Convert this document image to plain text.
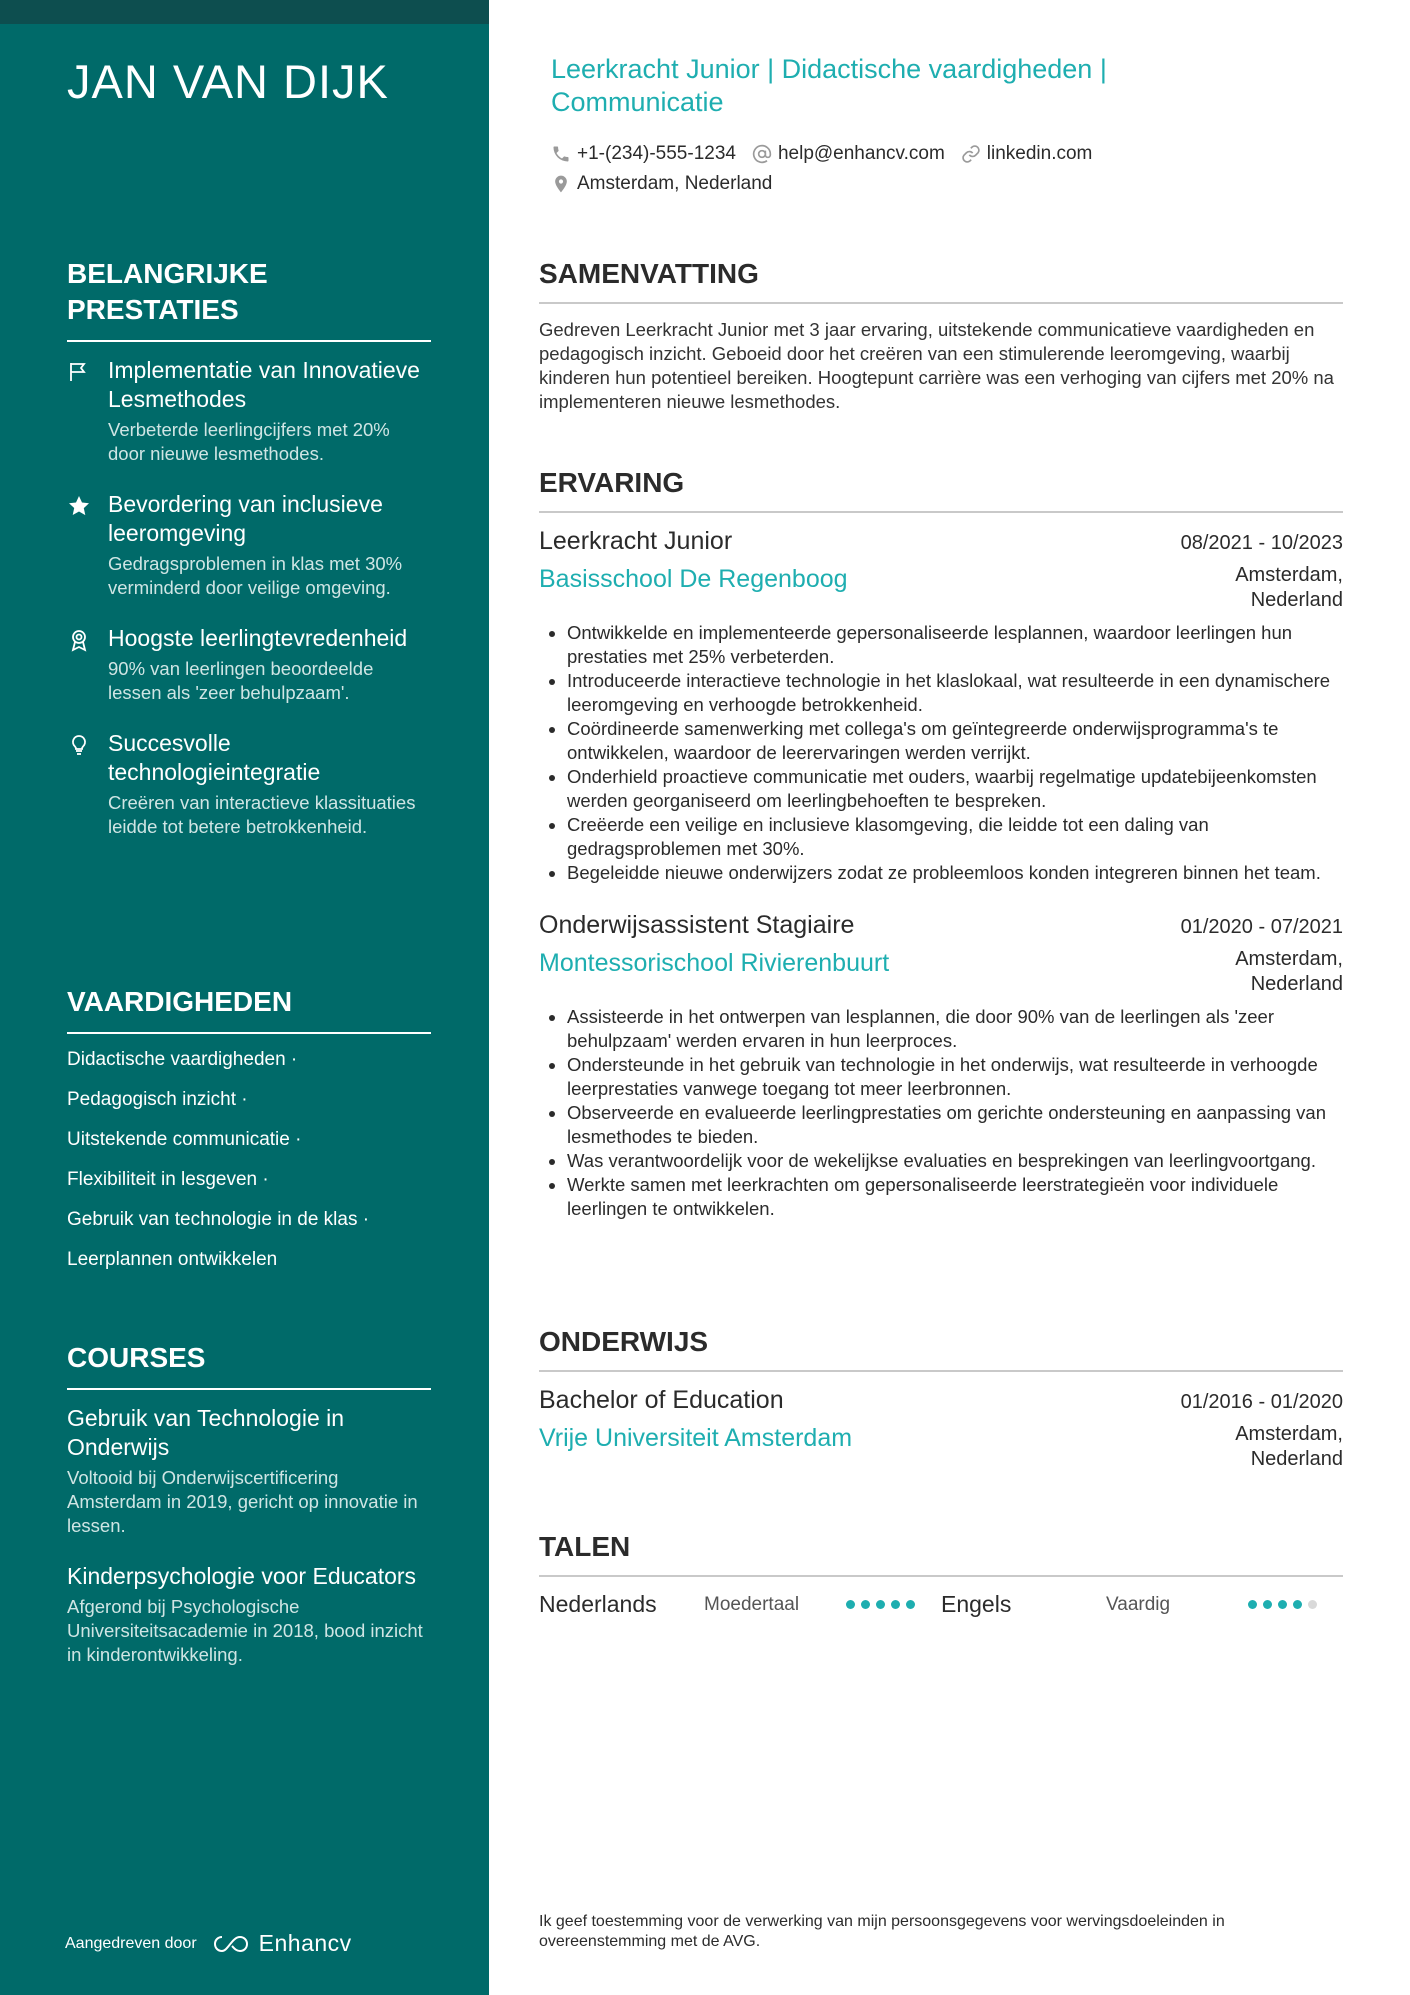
JAN VAN DIJK
BELANGRIJKE PRESTATIES
Implementatie van Innovatieve Lesmethodes
Verbeterde leerlingcijfers met 20% door nieuwe lesmethodes.
Bevordering van inclusieve leeromgeving
Gedragsproblemen in klas met 30% verminderd door veilige omgeving.
Hoogste leerlingtevredenheid
90% van leerlingen beoordeelde lessen als 'zeer behulpzaam'.
Succesvolle technologieintegratie
Creëren van interactieve klassituaties leidde tot betere betrokkenheid.
VAARDIGHEDEN
Didactische vaardigheden ·
Pedagogisch inzicht ·
Uitstekende communicatie ·
Flexibiliteit in lesgeven ·
Gebruik van technologie in de klas ·
Leerplannen ontwikkelen
COURSES
Gebruik van Technologie in Onderwijs
Voltooid bij Onderwijscertificering Amsterdam in 2019, gericht op innovatie in lessen.
Kinderpsychologie voor Educators
Afgerond bij Psychologische Universiteitsacademie in 2018, bood inzicht in kinderontwikkeling.
Aangedreven door	Enhancv
Leerkracht Junior | Didactische vaardigheden | Communicatie
+1-(234)-555-1234 help@enhancv.com linkedin.com
Amsterdam, Nederland
SAMENVATTING

Gedreven Leerkracht Junior met 3 jaar ervaring, uitstekende communicatieve vaardigheden en pedagogisch inzicht. Geboeid door het creëren van een stimulerende leeromgeving, waarbij kinderen hun potentieel bereiken. Hoogtepunt carrière was een verhoging van cijfers met 20% na implementeren nieuwe lesmethodes.

ERVARING
Leerkracht Junior	08/2021 - 10/2023
Basisschool De Regenboog	Amsterdam, Nederland
• Ontwikkelde en implementeerde gepersonaliseerde lesplannen, waardoor leerlingen hun prestaties met 25% verbeterden.
• Introduceerde interactieve technologie in het klaslokaal, wat resulteerde in een dynamischere leeromgeving en verhoogde betrokkenheid.
• Coördineerde samenwerking met collega's om geïntegreerde onderwijsprogramma's te ontwikkelen, waardoor de leerervaringen werden verrijkt.
• Onderhield proactieve communicatie met ouders, waarbij regelmatige updatebijeenkomsten werden georganiseerd om leerlingbehoeften te bespreken.
• Creëerde een veilige en inclusieve klasomgeving, die leidde tot een daling van gedragsproblemen met 30%.
• Begeleidde nieuwe onderwijzers zodat ze probleemloos konden integreren binnen het team.
Onderwijsassistent Stagiaire	01/2020 - 07/2021
Montessorischool Rivierenbuurt	Amsterdam, Nederland
• Assisteerde in het ontwerpen van lesplannen, die door 90% van de leerlingen als 'zeer behulpzaam' werden ervaren in hun leerproces.
• Ondersteunde in het gebruik van technologie in het onderwijs, wat resulteerde in verhoogde leerprestaties vanwege toegang tot meer leerbronnen.
• Observeerde en evalueerde leerlingprestaties om gerichte ondersteuning en aanpassing van lesmethodes te bieden.
• Was verantwoordelijk voor de wekelijkse evaluaties en besprekingen van leerlingvoortgang.
• Werkte samen met leerkrachten om gepersonaliseerde leerstrategieën voor individuele leerlingen te ontwikkelen.
ONDERWIJS
Bachelor of Education	01/2016 - 01/2020
Vrije Universiteit Amsterdam	Amsterdam, Nederland
TALEN
Nederlands	Moedertaal	Engels	Vaardig

Ik geef toestemming voor de verwerking van mijn persoonsgegevens voor wervingsdoeleinden in overeenstemming met de AVG.
